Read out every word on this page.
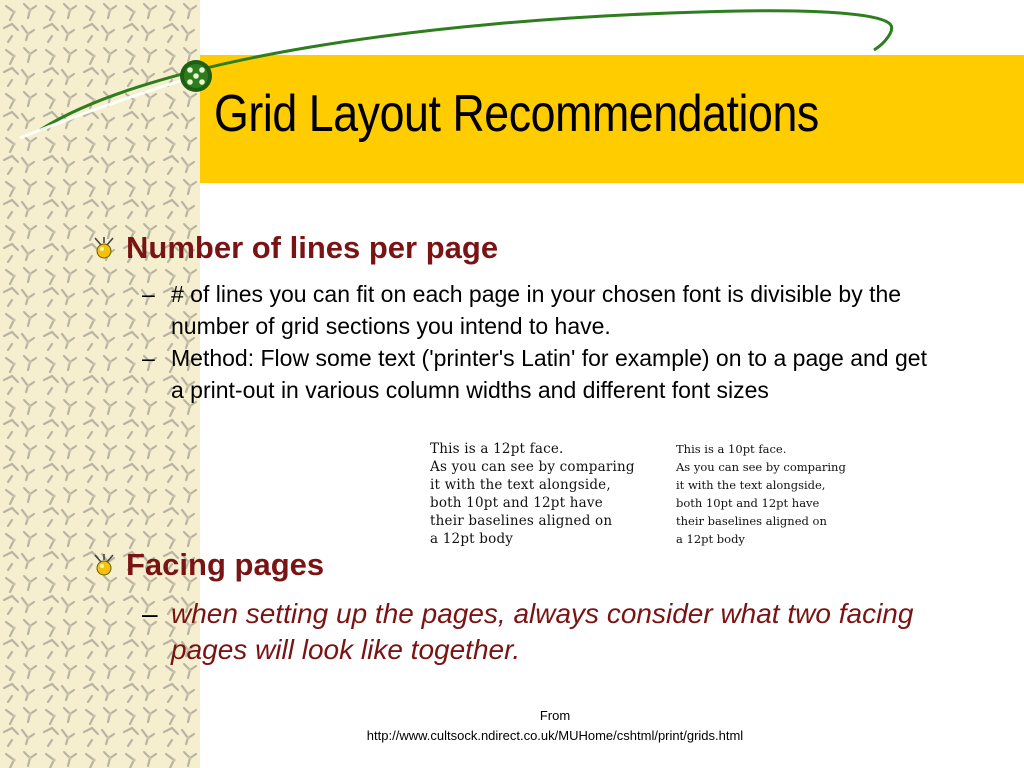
Grid Layout Recommendations
Number of lines per page
– # of lines you can fit on each page in your chosen font is divisible by the number of grid sections you intend to have.
– Method: Flow some text ('printer's Latin' for example) on to a page and get a print-out in various column widths and different font sizes
This is a 12pt face.
As you can see by comparing
it with the text alongside,
both 10pt and 12pt have
their baselines aligned on
a 12pt body
This is a 10pt face.
As you can see by comparing
it with the text alongside,
both 10pt and 12pt have
their baselines aligned on
a 12pt body
Facing pages
– when setting up the pages, always consider what two facing pages will look like together.
From
http://www.cultsock.ndirect.co.uk/MUHome/cshtml/print/grids.html
